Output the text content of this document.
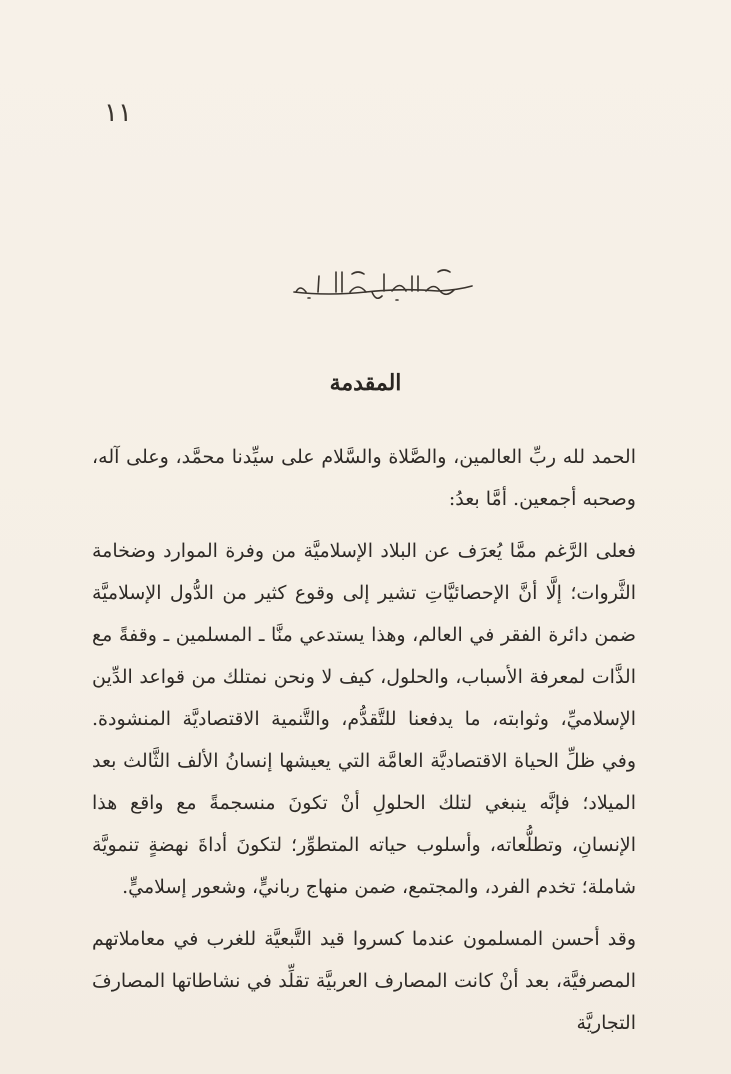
١١
بسم الله الرحمن الرحيم
المقدمة

الحمد لله ربِّ العالمين، والصَّلاة والسَّلام على سيِّدنا محمَّد، وعلى آله، وصحبه أجمعين. أمَّا بعدُ:

فعلى الرَّغم ممَّا يُعرَف عن البلاد الإسلاميَّة من وفرة الموارد وضخامة الثَّروات؛ إلَّا أنَّ الإحصائيَّاتِ تشير إلى وقوع كثير من الدُّول الإسلاميَّة ضمن دائرة الفقر في العالم، وهذا يستدعي منَّا ـ المسلمين ـ وقفةً مع الذَّات لمعرفة الأسباب، والحلول، كيف لا ونحن نمتلك من قواعد الدِّين الإسلاميِّ، وثوابته، ما يدفعنا للتَّقدُّم، والتَّنمية الاقتصاديَّة المنشودة. وفي ظلِّ الحياة الاقتصاديَّة العامَّة التي يعيشها إنسانُ الألف الثَّالث بعد الميلاد؛ فإنَّه ينبغي لتلك الحلولِ أنْ تكونَ منسجمةً مع واقع هذا الإنسانِ، وتطلُّعاته، وأسلوب حياته المتطوِّر؛ لتكونَ أداةَ نهضةٍ تنمويَّة شاملة؛ تخدم الفرد، والمجتمع، ضمن منهاج ربانيٍّ، وشعور إسلاميٍّ.

وقد أحسن المسلمون عندما كسروا قيد التَّبعيَّة للغرب في معاملاتهم المصرفيَّة، بعد أنْ كانت المصارف العربيَّة تقلِّد في نشاطاتها المصارفَ التجاريَّة
